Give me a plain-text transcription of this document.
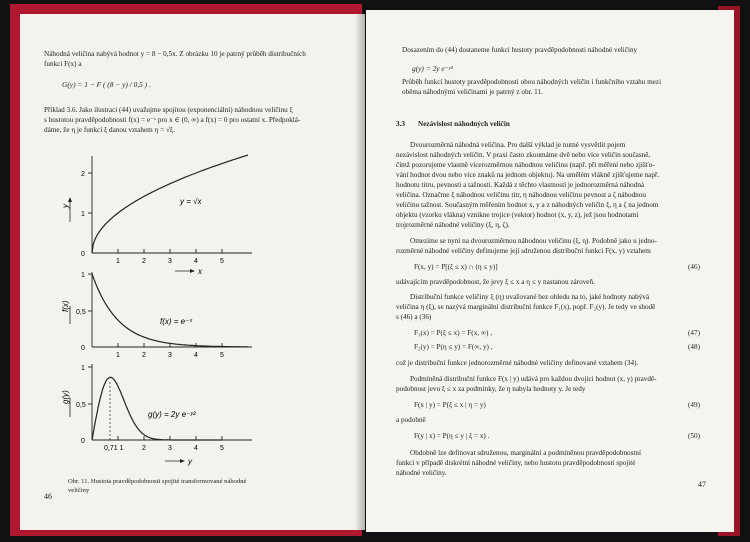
Náhodná veličina nabývá hodnot y = 8 − 0,5x. Z obrázku 10 je patrný průběh distribučních
funkcí F(x) a
G(y) = 1 − F ( (8 − y) / 0,5 ) .
Příklad 3.6. Jako ilustraci (44) uvažujme spojitou (exponenciální) náhodnou veličinu ξ
s hustotou pravděpodobnosti f(x) = e⁻ˣ pro x ∈ (0, ∞) a f(x) = 0 pro ostatní x. Předpoklá-
dáme, že η je funkcí ξ danou vztahem η = √ξ.
2
1
0
1	2	3	4	5
y = √x
y
x
1
0,5
0
1	2	3	4	5
f(x) = e⁻ˣ
f(x)
1
0,5
0
0,71 1	2	3	4	5
g(y) = 2y e⁻ʸ²
g(y)
y
Obr. 11. Hustota pravděpodobnosti spojité transformované náhodné
veličiny
46
Dosazením do (44) dostaneme funkci hustoty pravděpodobnosti náhodné veličiny
g(y) = 2y e⁻ʸ²
Průběh funkcí hustoty pravděpodobnosti obou náhodných veličin i funkčního vztahu mezi
oběma náhodnými veličinami je patrný z obr. 11.
3.3 Nezávislost náhodných veličin
Dvourozměrná náhodná veličina. Pro další výklad je nutné vysvětlit pojem
nezávislost náhodných veličin. V praxi často zkoumáme dvě nebo více veličin současně,
čímž pozorujeme vlastně vícerozměrnou náhodnou veličinu (např. při měření nebo zjišťo-
vání hodnot dvou nebo více znaků na jednom objektu). Na umělém vlákně zjišťujeme např.
hodnotu titru, pevnosti a tažnosti. Každá z těchto vlastností je jednorozměrná náhodná
veličina. Označme ξ náhodnou veličinu titr, η náhodnou veličinu pevnost a ζ náhodnou
veličinu tažnost. Současným měřením hodnot x, y a z náhodných veličin ξ, η a ζ na jednom
objektu (vzorku vlákna) vznikne trojice (vektor) hodnot (x, y, z), jež jsou hodnotami
trojrozměrné náhodné veličiny (ξ, η, ζ).
Omezíme se nyní na dvourozměrnou náhodnou veličinu (ξ, η). Podobně jako u jedno-
rozměrné náhodné veličiny definujeme její sdruženou distribuční funkci F(x, y) vztahem
F(x, y) = P[(ξ ≤ x) ∩ (η ≤ y)]	(46)
udávajícím pravděpodobnost, že jevy ξ ≤ x a η ≤ y nastanou zároveň.
Distribuční funkce veličiny ξ (η) uvažované bez ohledu na to, jaké hodnoty nabývá
veličina η (ξ), se nazývá marginální distribuční funkce F₁(x), popř. F₂(y). Je tedy ve shodě
s (46) a (36)
F₁(x) = P(ξ ≤ x) = F(x, ∞) ,	(47)
F₂(y) = P(η ≤ y) = F(∞, y) ,	(48)
což je distribuční funkce jednorozměrné náhodné veličiny definované vztahem (34).
Podmíněná distribuční funkce F(x | y) udává pro každou dvojici hodnot (x, y) pravdě-
podobnost jevu ξ ≤ x za podmínky, že η nabyla hodnoty y. Je tedy
F(x | y) = P(ξ ≤ x | η = y)	(49)
a podobně
F(y | x) = P(η ≤ y | ξ = x) .	(50)
Obdobně lze definovat sdruženou, marginální a podmíněnou pravděpodobnostní
funkci v případě diskrétní náhodné veličiny, nebo hustotu pravděpodobnosti spojité
náhodné veličiny.
47
